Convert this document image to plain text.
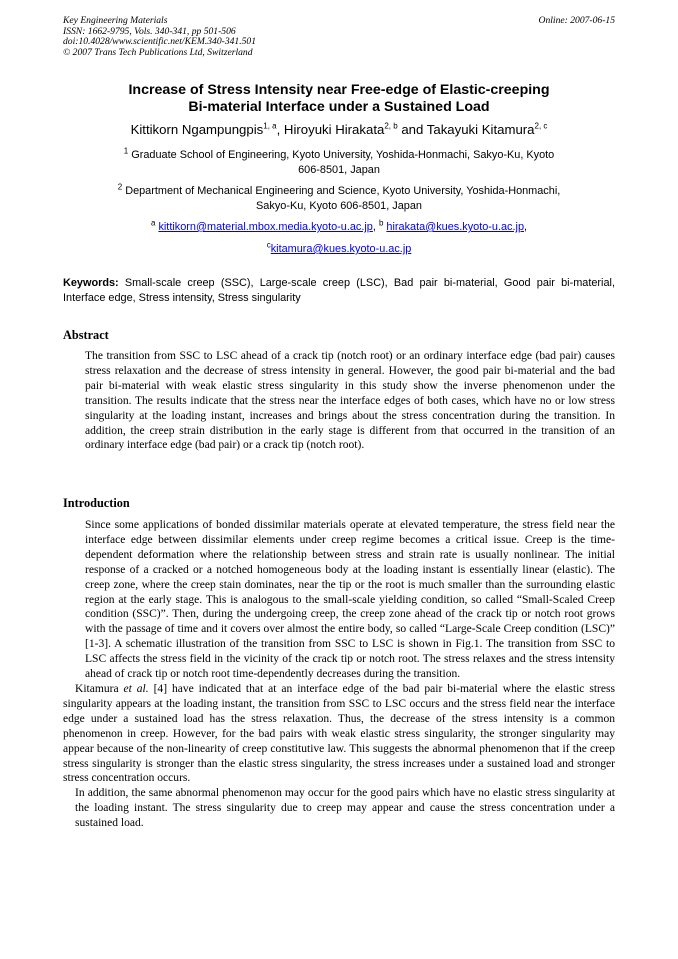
Key Engineering Materials
ISSN: 1662-9795, Vols. 340-341, pp 501-506
doi:10.4028/www.scientific.net/KEM.340-341.501
© 2007 Trans Tech Publications Ltd, Switzerland
Online: 2007-06-15
Increase of Stress Intensity near Free-edge of Elastic-creeping
Bi-material Interface under a Sustained Load
Kittikorn Ngampungpis$^{1, a}$, Hiroyuki Hirakata$^{2, b}$ and Takayuki Kitamura$^{2, c}$
$^1$ Graduate School of Engineering, Kyoto University, Yoshida-Honmachi, Sakyo-Ku, Kyoto
606-8501, Japan
$^2$ Department of Mechanical Engineering and Science, Kyoto University, Yoshida-Honmachi,
Sakyo-Ku, Kyoto 606-8501, Japan
$^a$ kittikorn@material.mbox.media.kyoto-u.ac.jp, $^b$ hirakata@kues.kyoto-u.ac.jp,
$^c$kitamura@kues.kyoto-u.ac.jp
Keywords: Small-scale creep (SSC), Large-scale creep (LSC), Bad pair bi-material, Good pair bi-material, Interface edge, Stress intensity, Stress singularity
Abstract
The transition from SSC to LSC ahead of a crack tip (notch root) or an ordinary interface edge (bad pair) causes stress relaxation and the decrease of stress intensity in general. However, the good pair bi-material and the bad pair bi-material with weak elastic stress singularity in this study show the inverse phenomenon under the transition. The results indicate that the stress near the interface edges of both cases, which have no or low stress singularity at the loading instant, increases and brings about the stress concentration during the transition. In addition, the creep strain distribution in the early stage is different from that occurred in the transition of an ordinary interface edge (bad pair) or a crack tip (notch root).
Introduction
Since some applications of bonded dissimilar materials operate at elevated temperature, the stress field near the interface edge between dissimilar elements under creep regime becomes a critical issue. Creep is the time-dependent deformation where the relationship between stress and strain rate is usually nonlinear. The initial response of a cracked or a notched homogeneous body at the loading instant is essentially linear (elastic). The creep zone, where the creep stain dominates, near the tip or the root is much smaller than the surrounding elastic region at the early stage. This is analogous to the small-scale yielding condition, so called “Small-Scaled Creep condition (SSC)”. Then, during the undergoing creep, the creep zone ahead of the crack tip or notch root grows with the passage of time and it covers over almost the entire body, so called “Large-Scale Creep condition (LSC)” [1-3]. A schematic illustration of the transition from SSC to LSC is shown in Fig.1. The transition from SSC to LSC affects the stress field in the vicinity of the crack tip or notch root. The stress relaxes and the stress intensity ahead of crack tip or notch root time-dependently decreases during the transition.
Kitamura et al. [4] have indicated that at an interface edge of the bad pair bi-material where the elastic stress singularity appears at the loading instant, the transition from SSC to LSC occurs and the stress field near the interface edge under a sustained load has the stress relaxation. Thus, the decrease of the stress intensity is a common phenomenon in creep. However, for the bad pairs with weak elastic stress singularity, the stronger singularity may appear because of the non-linearity of creep constitutive law. This suggests the abnormal phenomenon that if the creep stress singularity is stronger than the elastic stress singularity, the stress increases under a sustained load and stronger stress concentration occurs.
In addition, the same abnormal phenomenon may occur for the good pairs which have no elastic stress singularity at the loading instant. The stress singularity due to creep may appear and cause the stress concentration under a sustained load.
